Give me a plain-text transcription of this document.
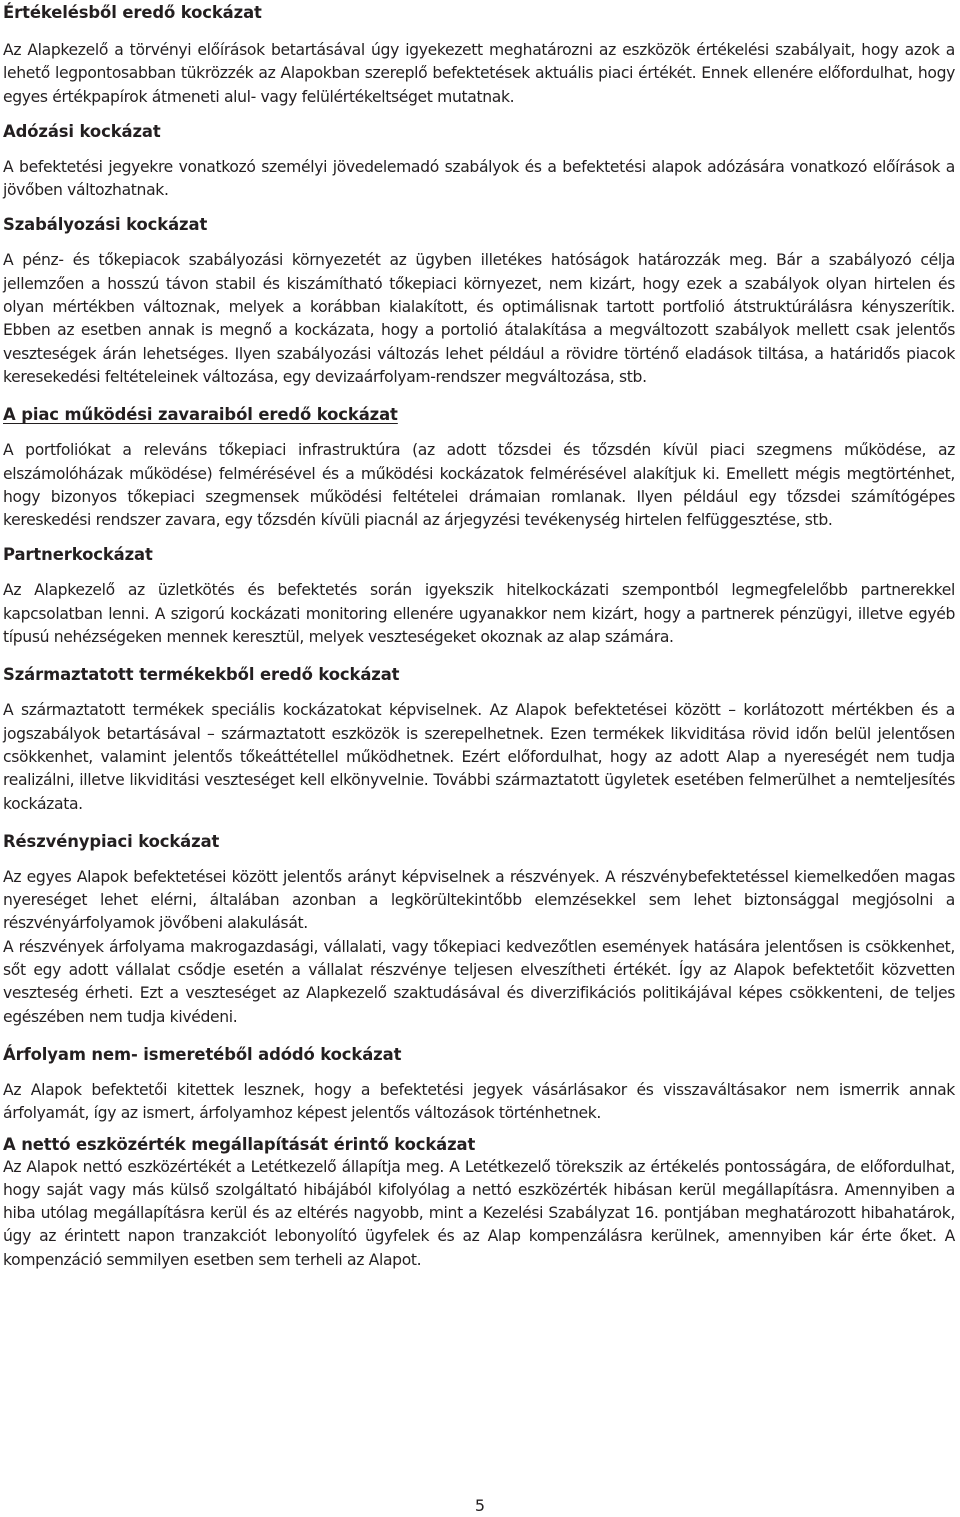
Értékelésből eredő kockázat

Az Alapkezelő a törvényi előírások betartásával úgy igyekezett meghatározni az eszközök értékelési szabályait, hogy azok a lehető legpontosabban tükrözzék az Alapokban szereplő befektetések aktuális piaci értékét. Ennek ellenére előfordulhat, hogy egyes értékpapírok átmeneti alul- vagy felülértékeltséget mutatnak.

Adózási kockázat

A befektetési jegyekre vonatkozó személyi jövedelemadó szabályok és a befektetési alapok adózására vonatkozó előírások a jövőben változhatnak.

Szabályozási kockázat

A pénz- és tőkepiacok szabályozási környezetét az ügyben illetékes hatóságok határozzák meg. Bár a szabályozó célja jellemzően a hosszú távon stabil és kiszámítható tőkepiaci környezet, nem kizárt, hogy ezek a szabályok olyan hirtelen és olyan mértékben változnak, melyek a korábban kialakított, és optimálisnak tartott portfolió átstruktúrálásra kényszerítik. Ebben az esetben annak is megnő a kockázata, hogy a portolió átalakítása a megváltozott szabályok mellett csak jelentős veszteségek árán lehetséges. Ilyen szabályozási változás lehet például a rövidre történő eladások tiltása, a határidős piacok keresekedési feltételeinek változása, egy devizaárfolyam-rendszer megváltozása, stb.

A piac működési zavaraiból eredő kockázat

A portfoliókat a releváns tőkepiaci infrastruktúra (az adott tőzsdei és tőzsdén kívül piaci szegmens működése, az elszámolóházak működése) felmérésével és a működési kockázatok felmérésével alakítjuk ki. Emellett mégis megtörténhet, hogy bizonyos tőkepiaci szegmensek működési feltételei drámaian romlanak. Ilyen például egy tőzsdei számítógépes kereskedési rendszer zavara, egy tőzsdén kívüli piacnál az árjegyzési tevékenység hirtelen felfüggesztése, stb.

Partnerkockázat

Az Alapkezelő az üzletkötés és befektetés során igyekszik hitelkockázati szempontból legmegfelelőbb partnerekkel kapcsolatban lenni. A szigorú kockázati monitoring ellenére ugyanakkor nem kizárt, hogy a partnerek pénzügyi, illetve egyéb típusú nehézségeken mennek keresztül, melyek veszteségeket okoznak az alap számára.

Származtatott termékekből eredő kockázat

A származtatott termékek speciális kockázatokat képviselnek. Az Alapok befektetései között – korlátozott mértékben és a jogszabályok betartásával – származtatott eszközök is szerepelhetnek. Ezen termékek likviditása rövid időn belül jelentősen csökkenhet, valamint jelentős tőkeáttétellel működhetnek. Ezért előfordulhat, hogy az adott Alap a nyereségét nem tudja realizálni, illetve likviditási veszteséget kell elkönyvelnie. További származtatott ügyletek esetében felmerülhet a nemteljesítés kockázata.

Részvénypiaci kockázat

Az egyes Alapok befektetései között jelentős arányt képviselnek a részvények. A részvénybefektetéssel kiemelkedően magas nyereséget lehet elérni, általában azonban a legkörültekintőbb elemzésekkel sem lehet biztonsággal megjósolni a részvényárfolyamok jövőbeni alakulását.

A részvények árfolyama makrogazdasági, vállalati, vagy tőkepiaci kedvezőtlen események hatására jelentősen is csökkenhet, sőt egy adott vállalat csődje esetén a vállalat részvénye teljesen elveszítheti értékét. Így az Alapok befektetőit közvetten veszteség érheti. Ezt a veszteséget az Alapkezelő szaktudásával és diverzifikációs politikájával képes csökkenteni, de teljes egészében nem tudja kivédeni.

Árfolyam nem- ismeretéből adódó kockázat

Az Alapok befektetői kitettek lesznek, hogy a befektetési jegyek vásárlásakor és visszaváltásakor nem ismerrik annak árfolyamát, így az ismert, árfolyamhoz képest jelentős változások történhetnek.

A nettó eszközérték megállapítását érintő kockázat

Az Alapok nettó eszközértékét a Letétkezelő állapítja meg. A Letétkezelő törekszik az értékelés pontosságára, de előfordulhat, hogy saját vagy más külső szolgáltató hibájából kifolyólag a nettó eszközérték hibásan kerül megállapításra. Amennyiben a hiba utólag megállapításra kerül és az eltérés nagyobb, mint a Kezelési Szabályzat 16. pontjában meghatározott hibahatárok, úgy az érintett napon tranzakciót lebonyolító ügyfelek és az Alap kompenzálásra kerülnek, amennyiben kár érte őket. A kompenzáció semmilyen esetben sem terheli az Alapot.

5
